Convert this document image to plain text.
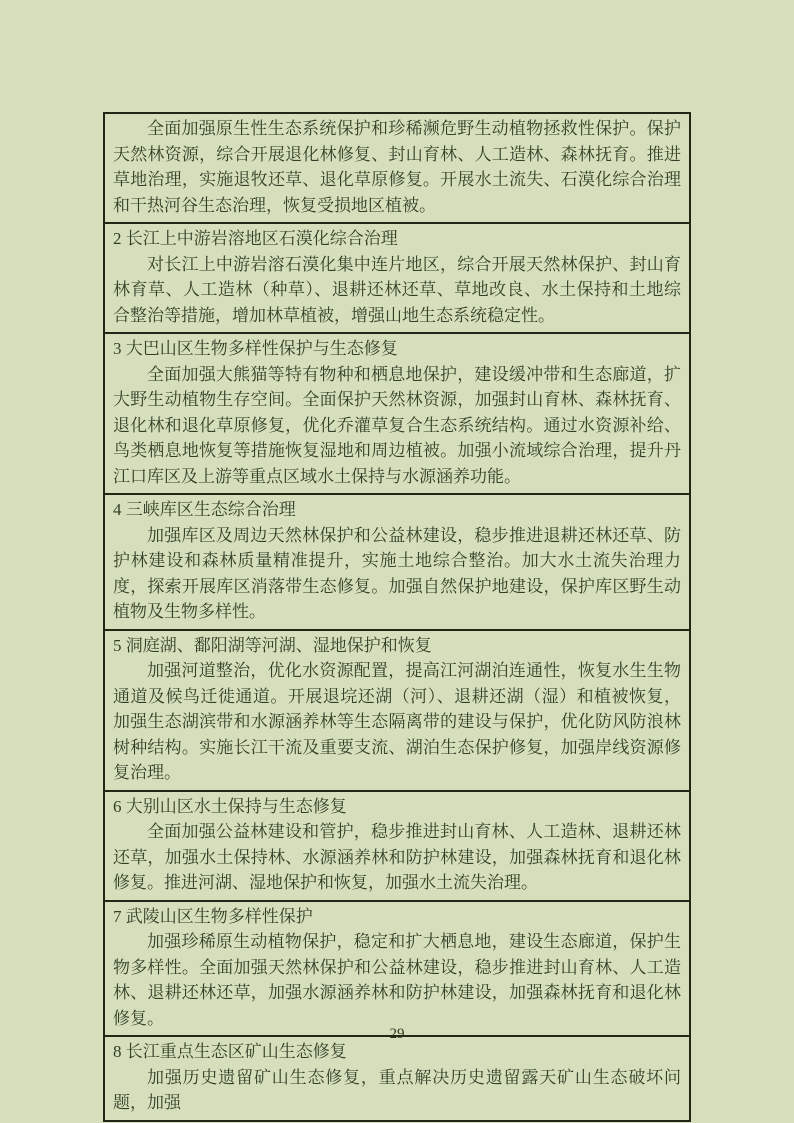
全面加强原生性生态系统保护和珍稀濒危野生动植物拯救性保护。保护天然林资源，综合开展退化林修复、封山育林、人工造林、森林抚育。推进草地治理，实施退牧还草、退化草原修复。开展水土流失、石漠化综合治理和干热河谷生态治理，恢复受损地区植被。
2 长江上中游岩溶地区石漠化综合治理
对长江上中游岩溶石漠化集中连片地区，综合开展天然林保护、封山育林育草、人工造林（种草）、退耕还林还草、草地改良、水土保持和土地综合整治等措施，增加林草植被，增强山地生态系统稳定性。
3 大巴山区生物多样性保护与生态修复
全面加强大熊猫等特有物种和栖息地保护，建设缓冲带和生态廊道，扩大野生动植物生存空间。全面保护天然林资源，加强封山育林、森林抚育、退化林和退化草原修复，优化乔灌草复合生态系统结构。通过水资源补给、鸟类栖息地恢复等措施恢复湿地和周边植被。加强小流域综合治理，提升丹江口库区及上游等重点区域水土保持与水源涵养功能。
4 三峡库区生态综合治理
加强库区及周边天然林保护和公益林建设，稳步推进退耕还林还草、防护林建设和森林质量精准提升，实施土地综合整治。加大水土流失治理力度，探索开展库区消落带生态修复。加强自然保护地建设，保护库区野生动植物及生物多样性。
5 洞庭湖、鄱阳湖等河湖、湿地保护和恢复
加强河道整治，优化水资源配置，提高江河湖泊连通性，恢复水生生物通道及候鸟迁徙通道。开展退垸还湖（河）、退耕还湖（湿）和植被恢复，加强生态湖滨带和水源涵养林等生态隔离带的建设与保护，优化防风防浪林树种结构。实施长江干流及重要支流、湖泊生态保护修复，加强岸线资源修复治理。
6 大别山区水土保持与生态修复
全面加强公益林建设和管护，稳步推进封山育林、人工造林、退耕还林还草，加强水土保持林、水源涵养林和防护林建设，加强森林抚育和退化林修复。推进河湖、湿地保护和恢复，加强水土流失治理。
7 武陵山区生物多样性保护
加强珍稀原生动植物保护，稳定和扩大栖息地，建设生态廊道，保护生物多样性。全面加强天然林保护和公益林建设，稳步推进封山育林、人工造林、退耕还林还草，加强水源涵养林和防护林建设，加强森林抚育和退化林修复。
8 长江重点生态区矿山生态修复
加强历史遗留矿山生态修复，重点解决历史遗留露天矿山生态破坏问题，加强
29
